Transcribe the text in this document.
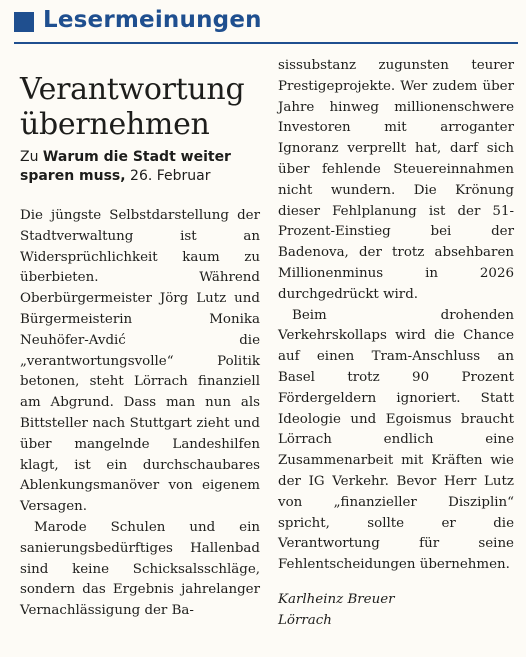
Lesermeinungen
Verantwortung übernehmen

Zu Warum die Stadt weiter sparen muss, 26. Februar

Die jüngste Selbstdarstellung der Stadtverwaltung ist an Widersprüchlichkeit kaum zu überbieten. Während Oberbürgermeister Jörg Lutz und Bürgermeisterin Monika Neuhöfer-Avdić die „verantwortungsvolle“ Politik betonen, steht Lörrach finanziell am Abgrund. Dass man nun als Bittsteller nach Stuttgart zieht und über mangelnde Landeshilfen klagt, ist ein durchschaubares Ablenkungsmanöver von eigenem Versagen.

Marode Schulen und ein sanierungsbedürftiges Hallenbad sind keine Schicksalsschläge, sondern das Ergebnis jahrelanger Vernachlässigung der Ba-

sissubstanz zugunsten teurer Prestigeprojekte. Wer zudem über Jahre hinweg millionenschwere Investoren mit arroganter Ignoranz verprellt hat, darf sich über fehlende Steuereinnahmen nicht wundern. Die Krönung dieser Fehlplanung ist der 51-Prozent-Einstieg bei der Badenova, der trotz absehbaren Millionenminus in 2026 durchgedrückt wird.

Beim drohenden Verkehrskollaps wird die Chance auf einen Tram-Anschluss an Basel trotz 90 Prozent Fördergeldern ignoriert. Statt Ideologie und Egoismus braucht Lörrach endlich eine Zusammenarbeit mit Kräften wie der IG Verkehr. Bevor Herr Lutz von „finanzieller Disziplin“ spricht, sollte er die Verantwortung für seine Fehlentscheidungen übernehmen.

Karlheinz Breuer
Lörrach
